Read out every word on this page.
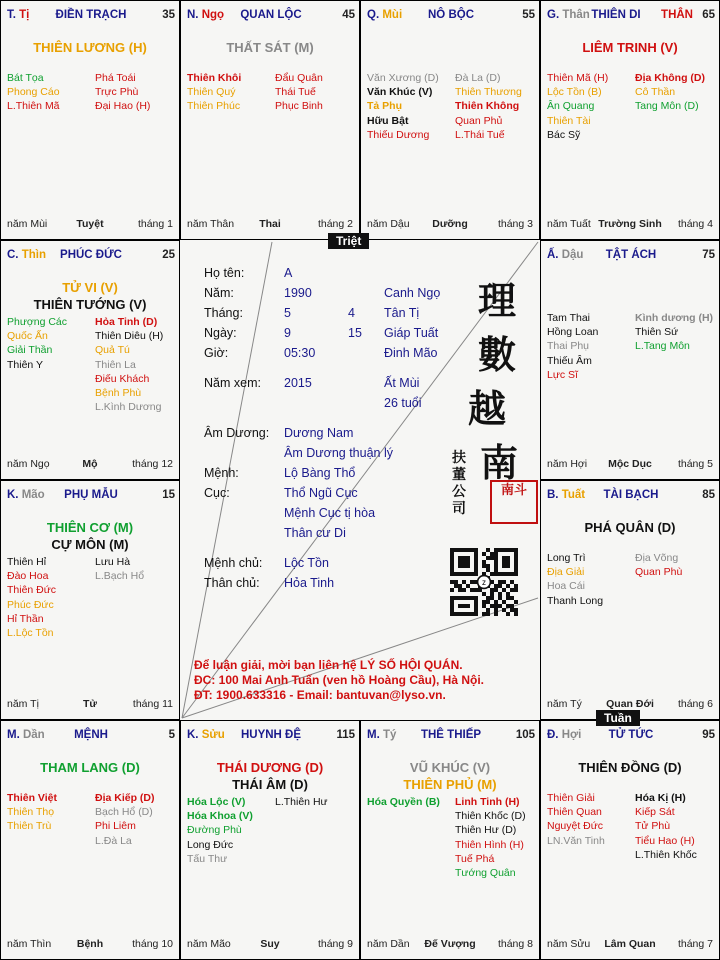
T. Tị	ĐIỀN TRẠCH	35
THIÊN LƯƠNG (H)
Bát Tọa
Phong Cáo
L.Thiên Mã
Phá Toái
Trực Phù
Đại Hao (H)
năm Mùi	Tuyệt	tháng 1
N. Ngọ	QUAN LỘC	45
THẤT SÁT (M)
Thiên Khôi
Thiên Quý
Thiên Phúc
Đẩu Quân
Thái Tuế
Phục Binh
năm Thân	Thai	tháng 2
Q. Mùi	NÔ BỘC	55
Văn Xương (D)
Văn Khúc (V)
Tả Phụ
Hữu Bật
Thiếu Dương
Đà La (D)
Thiên Thương
Thiên Không
Quan Phủ
L.Thái Tuế
năm Dậu	Dưỡng	tháng 3
G. Thân THIÊN DI	65
THÂN
LIÊM TRINH (V)
Thiên Mã (H)
Lộc Tồn (B)
Ân Quang
Thiên Tài
Bác Sỹ
Địa Không (D)
Cô Thần
Tang Môn (D)
năm Tuất Trường Sinh	tháng 4
C. Thìn	PHÚC ĐỨC	25
TỬ VI (V)
THIÊN TƯỚNG (V)
Phượng Các
Quốc Ấn
Giải Thần
Thiên Y
Hỏa Tinh (D)
Thiên Diêu (H)
Quả Tú
Thiên La
Điếu Khách
Bệnh Phù
L.Kình Dương
năm Ngọ	Mộ	tháng 12
Ấ. Dậu	TẬT ÁCH	75
Tam Thai
Hồng Loan
Thai Phụ
Thiếu Âm
Lực Sĩ
Kình dương (H)
Thiên Sứ
L.Tang Môn
năm Hợi	Mộc Dục	tháng 5
K. Mão	PHỤ MẪU	15
THIÊN CƠ (M)
CỰ MÔN (M)
Thiên Hỉ
Đào Hoa
Thiên Đức
Phúc Đức
Hỉ Thần
L.Lộc Tồn
Lưu Hà
L.Bạch Hổ
năm Tị	Tử	tháng 11
B. Tuất	TÀI BẠCH	85
PHÁ QUÂN (D)
Long Trì
Địa Giải
Hoa Cái
Thanh Long
Địa Võng
Quan Phù
năm Tý	Quan Đới	tháng 6
M. Dần	MỆNH	5
THAM LANG (D)
Thiên Việt
Thiên Thọ
Thiên Trù
Địa Kiếp (D)
Bạch Hổ (D)
Phi Liêm
L.Đà La
năm Thìn	Bệnh	tháng 10
K. Sửu	HUYNH ĐỆ	115
THÁI DƯƠNG (D)
THÁI ÂM (D)
Hóa Lộc (V)
Hóa Khoa (V)
Đường Phù
Long Đức
Tấu Thư
L.Thiên Hư
năm Mão	Suy	tháng 9
M. Tý	THÊ THIẾP	105
VŨ KHÚC (V)
THIÊN PHỦ (M)
Hóa Quyền (B) Linh Tinh (H)
Thiên Khốc (D)
Thiên Hư (D)
Thiên Hình (H)
Tuế Phá
Tướng Quân
năm Dần	Đế Vượng	tháng 8
Đ. Hợi	TỬ TỨC	95
THIÊN ĐỒNG (D)
Thiên Giải
Thiên Quan
Nguyệt Đức
LN.Văn Tinh
Hóa Kị (H)
Kiếp Sát
Tử Phù
Tiểu Hao (H)
L.Thiên Khốc
năm Sửu	Lâm Quan	tháng 7
Họ tên:	A
Năm:	1990	Canh Ngọ
Tháng:	5	4 Tân Tị
Ngày:	9	15 Giáp Tuất
Giờ:	05:30	Đinh Mão
Năm xem: 2015	Ất Mùi
26 tuổi
Âm Dương: Dương Nam
Âm Dương thuận lý
Mệnh:	Lộ Bàng Thổ
Cục:	Thổ Ngũ Cục
Mệnh Cục tị hòa
Thân cư Di
Mệnh chủ: Lộc Tồn
Thân chủ: Hỏa Tinh
理
數
越
南
扶
董
公
司
南斗
z
Để luận giải, mời bạn liên hệ LÝ SỐ HỘI QUÁN.
ĐC: 100 Mai Anh Tuấn (ven hồ Hoàng Cầu), Hà Nội.
ĐT: 1900.633316 - Email: bantuvan@lyso.vn.
Triệt
Tuần
